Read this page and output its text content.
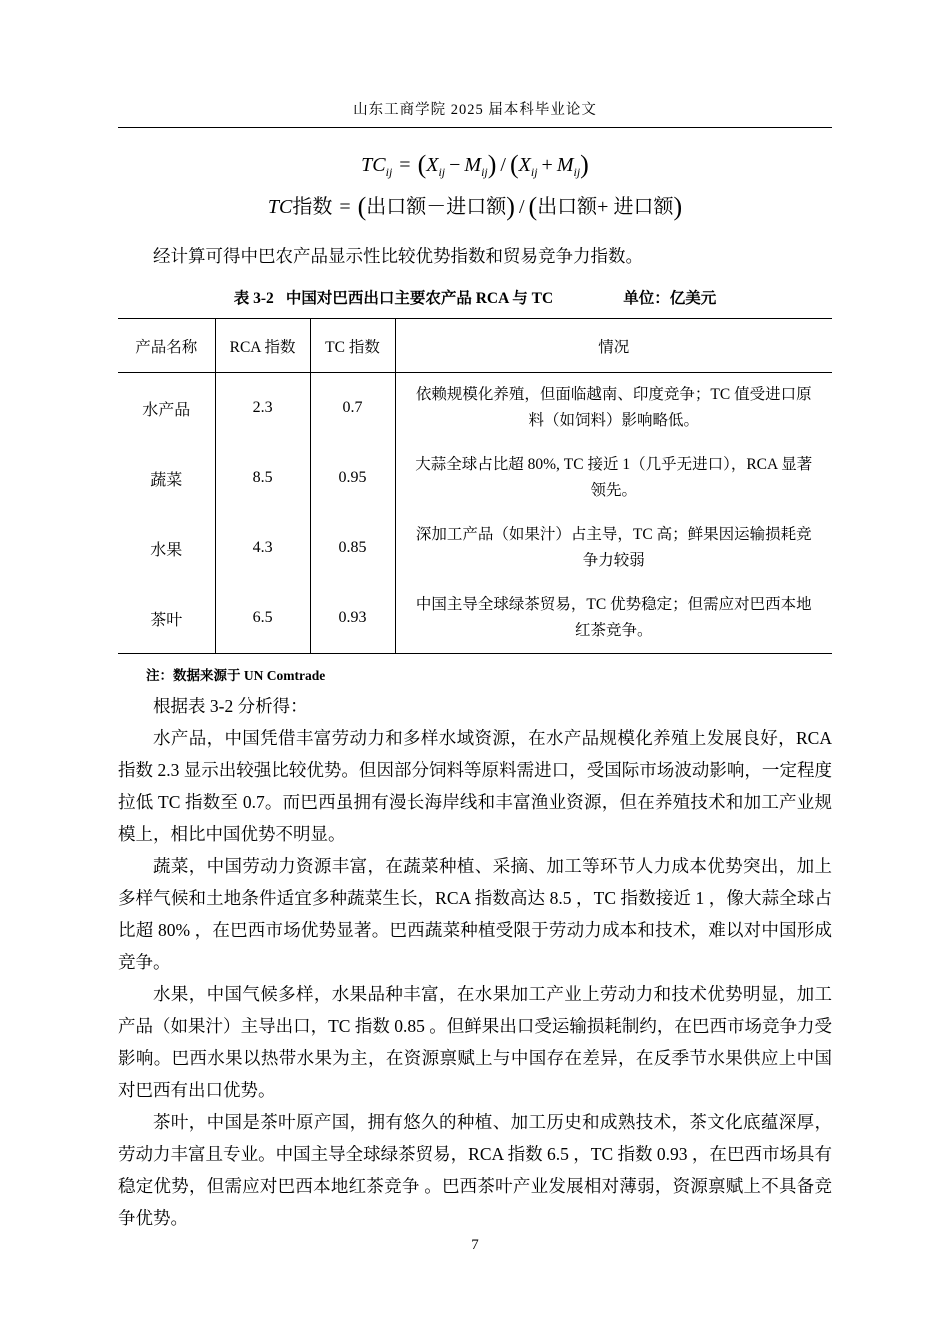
山东工商学院 2025 届本科毕业论文
$TC_{ij} = (X_{ij} - M_{ij}) / (X_{ij} + M_{ij})$
TC指数 = (出口额－进口额) / (出口额+ 进口额)

经计算可得中巴农产品显示性比较优势指数和贸易竞争力指数。

表 3-2 中国对巴西出口主要农产品 RCA 与 TC	单位：亿美元
产品名称	RCA 指数	TC 指数	情况
水产品	2.3	0.7	依赖规模化养殖，但面临越南、印度竞争；TC 值受进口原料（如饲料）影响略低。
蔬菜	8.5	0.95	大蒜全球占比超 80%, TC 接近 1（几乎无进口），RCA 显著领先。
水果	4.3	0.85	深加工产品（如果汁）占主导，TC 高；鲜果因运输损耗竞争力较弱
茶叶	6.5	0.93	中国主导全球绿茶贸易，TC 优势稳定；但需应对巴西本地红茶竞争。
注：数据来源于 UN Comtrade

根据表 3-2 分析得：

水产品，中国凭借丰富劳动力和多样水域资源，在水产品规模化养殖上发展良好，RCA 指数 2.3 显示出较强比较优势。但因部分饲料等原料需进口，受国际市场波动影响，一定程度拉低 TC 指数至 0.7。而巴西虽拥有漫长海岸线和丰富渔业资源，但在养殖技术和加工产业规模上，相比中国优势不明显。

蔬菜，中国劳动力资源丰富，在蔬菜种植、采摘、加工等环节人力成本优势突出，加上多样气候和土地条件适宜多种蔬菜生长，RCA 指数高达 8.5 ，TC 指数接近 1 ，像大蒜全球占比超 80% ，在巴西市场优势显著。巴西蔬菜种植受限于劳动力成本和技术，难以对中国形成竞争。

水果，中国气候多样，水果品种丰富，在水果加工产业上劳动力和技术优势明显，加工产品（如果汁）主导出口，TC 指数 0.85 。但鲜果出口受运输损耗制约，在巴西市场竞争力受影响。巴西水果以热带水果为主，在资源禀赋上与中国存在差异，在反季节水果供应上中国对巴西有出口优势。

茶叶，中国是茶叶原产国，拥有悠久的种植、加工历史和成熟技术，茶文化底蕴深厚，劳动力丰富且专业。中国主导全球绿茶贸易，RCA 指数 6.5 ，TC 指数 0.93 ，在巴西市场具有稳定优势，但需应对巴西本地红茶竞争 。巴西茶叶产业发展相对薄弱，资源禀赋上不具备竞争优势。

7
